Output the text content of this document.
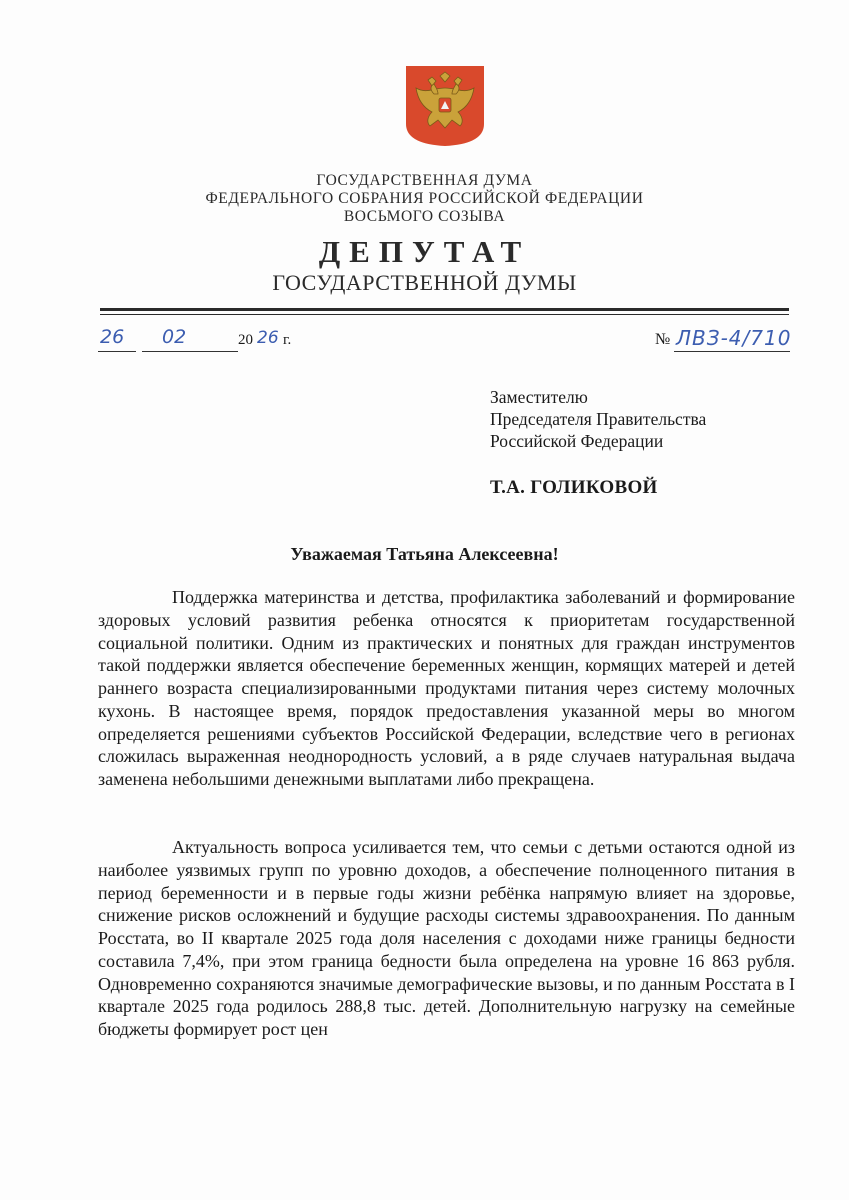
ГОСУДАРСТВЕННАЯ ДУМА
ФЕДЕРАЛЬНОГО СОБРАНИЯ РОССИЙСКОЙ ФЕДЕРАЦИИ
ВОСЬМОГО СОЗЫВА
ДЕПУТАТ
ГОСУДАРСТВЕННОЙ ДУМЫ
26 02	20 26 г.	№ ЛВЗ-4/710
Заместителю
Председателя Правительства
Российской Федерации
Т.А. ГОЛИКОВОЙ
Уважаемая Татьяна Алексеевна!

Поддержка материнства и детства, профилактика заболеваний и формирование здоровых условий развития ребенка относятся к приоритетам государственной социальной политики. Одним из практических и понятных для граждан инструментов такой поддержки является обеспечение беременных женщин, кормящих матерей и детей раннего возраста специализированными продуктами питания через систему молочных кухонь. В настоящее время, порядок предоставления указанной меры во многом определяется решениями субъектов Российской Федерации, вследствие чего в регионах сложилась выраженная неоднородность условий, а в ряде случаев натуральная выдача заменена небольшими денежными выплатами либо прекращена.

Актуальность вопроса усиливается тем, что семьи с детьми остаются одной из наиболее уязвимых групп по уровню доходов, а обеспечение полноценного питания в период беременности и в первые годы жизни ребёнка напрямую влияет на здоровье, снижение рисков осложнений и будущие расходы системы здравоохранения. По данным Росстата, во II квартале 2025 года доля населения с доходами ниже границы бедности составила 7,4%, при этом граница бедности была определена на уровне 16 863 рубля. Одновременно сохраняются значимые демографические вызовы, и по данным Росстата в I квартале 2025 года родилось 288,8 тыс. детей. Дополнительную нагрузку на семейные бюджеты формирует рост цен
